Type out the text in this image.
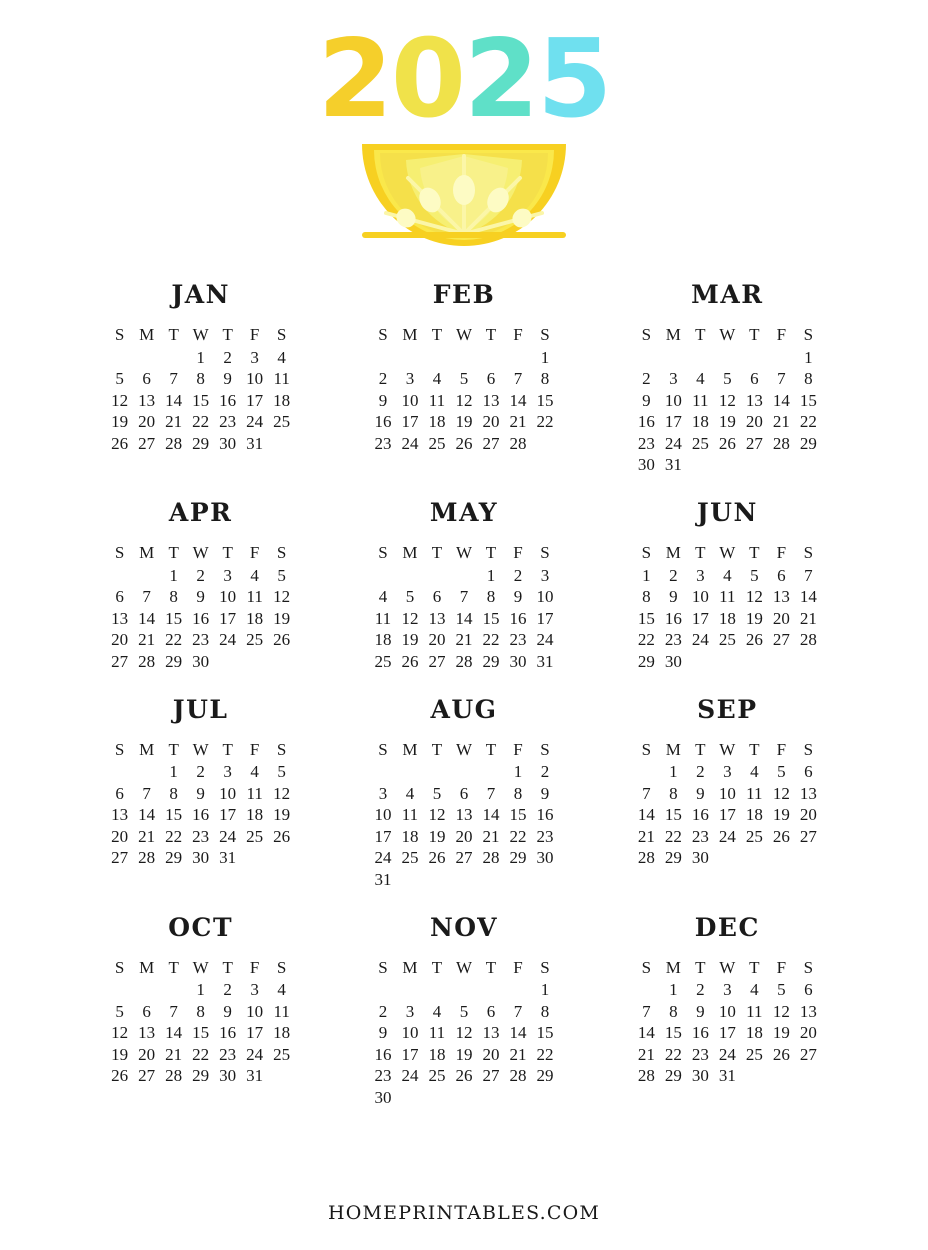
2 0 2 5
JAN
S	M	T	W	T	F	S
			1	2	3	4
5	6	7	8	9	10	11
12	13	14	15	16	17	18
19	20	21	22	23	24	25
26	27	28	29	30	31	
FEB
S	M	T	W	T	F	S
						1
2	3	4	5	6	7	8
9	10	11	12	13	14	15
16	17	18	19	20	21	22
23	24	25	26	27	28	
MAR
S	M	T	W	T	F	S
						1
2	3	4	5	6	7	8
9	10	11	12	13	14	15
16	17	18	19	20	21	22
23	24	25	26	27	28	29
30	31					
APR
S	M	T	W	T	F	S
		1	2	3	4	5
6	7	8	9	10	11	12
13	14	15	16	17	18	19
20	21	22	23	24	25	26
27	28	29	30			
MAY
S	M	T	W	T	F	S
				1	2	3
4	5	6	7	8	9	10
11	12	13	14	15	16	17
18	19	20	21	22	23	24
25	26	27	28	29	30	31
JUN
S	M	T	W	T	F	S
1	2	3	4	5	6	7
8	9	10	11	12	13	14
15	16	17	18	19	20	21
22	23	24	25	26	27	28
29	30					
JUL
S	M	T	W	T	F	S
		1	2	3	4	5
6	7	8	9	10	11	12
13	14	15	16	17	18	19
20	21	22	23	24	25	26
27	28	29	30	31		
AUG
S	M	T	W	T	F	S
					1	2
3	4	5	6	7	8	9
10	11	12	13	14	15	16
17	18	19	20	21	22	23
24	25	26	27	28	29	30
31						
SEP
S	M	T	W	T	F	S
	1	2	3	4	5	6
7	8	9	10	11	12	13
14	15	16	17	18	19	20
21	22	23	24	25	26	27
28	29	30				
OCT
S	M	T	W	T	F	S
			1	2	3	4
5	6	7	8	9	10	11
12	13	14	15	16	17	18
19	20	21	22	23	24	25
26	27	28	29	30	31	
NOV
S	M	T	W	T	F	S
						1
2	3	4	5	6	7	8
9	10	11	12	13	14	15
16	17	18	19	20	21	22
23	24	25	26	27	28	29
30						
DEC
S	M	T	W	T	F	S
	1	2	3	4	5	6
7	8	9	10	11	12	13
14	15	16	17	18	19	20
21	22	23	24	25	26	27
28	29	30	31			
HOMEPRINTABLES.COM
